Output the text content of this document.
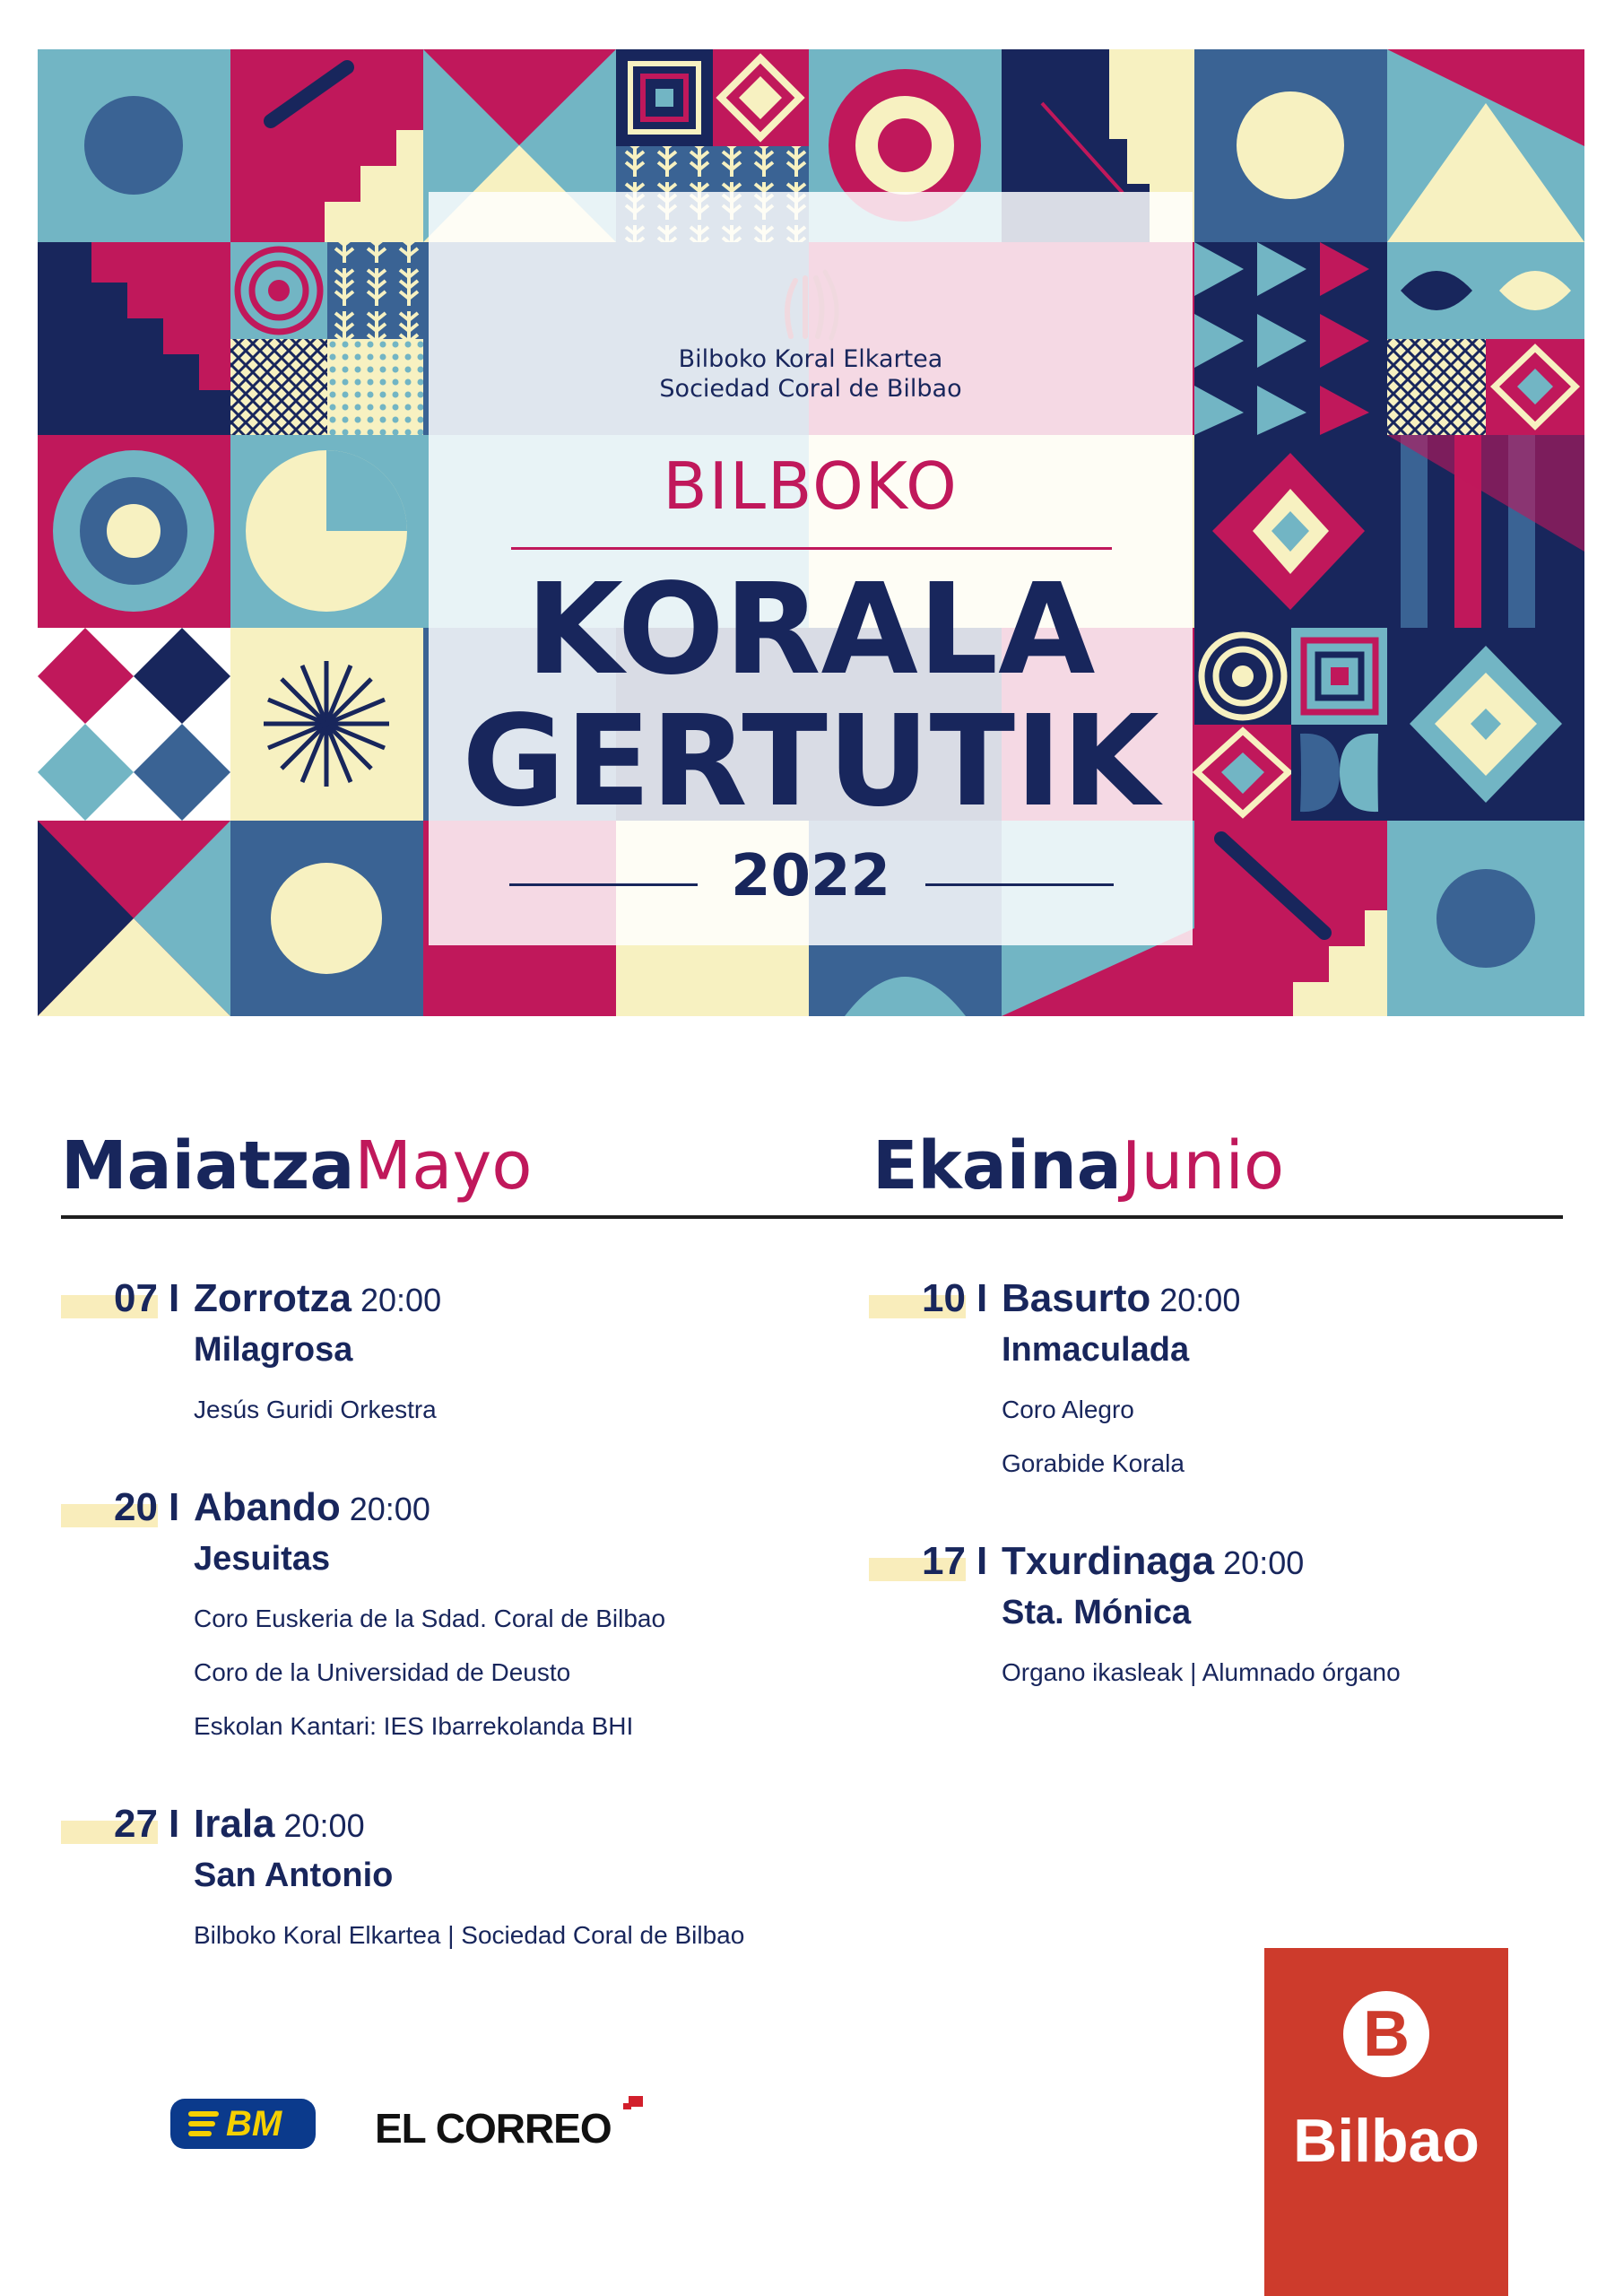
Bilboko Koral Elkartea
Sociedad Coral de Bilbao
BILBOKO
KORALA
GERTUTIK
2022
MaiatzaMayo	EkainaJunio
07 I Zorrotza 20:00
Milagrosa
Jesús Guridi Orkestra
20 I Abando 20:00
Jesuitas
Coro Euskeria de la Sdad. Coral de Bilbao
Coro de la Universidad de Deusto
Eskolan Kantari: IES Ibarrekolanda BHI
27 I Irala 20:00
San Antonio
Bilboko Koral Elkartea | Sociedad Coral de Bilbao
10 I Basurto 20:00
Inmaculada
Coro Alegro
Gorabide Korala
17 I Txurdinaga 20:00
Sta. Mónica
Organo ikasleak | Alumnado órgano
BM EL CORREO
B
Bilbao
